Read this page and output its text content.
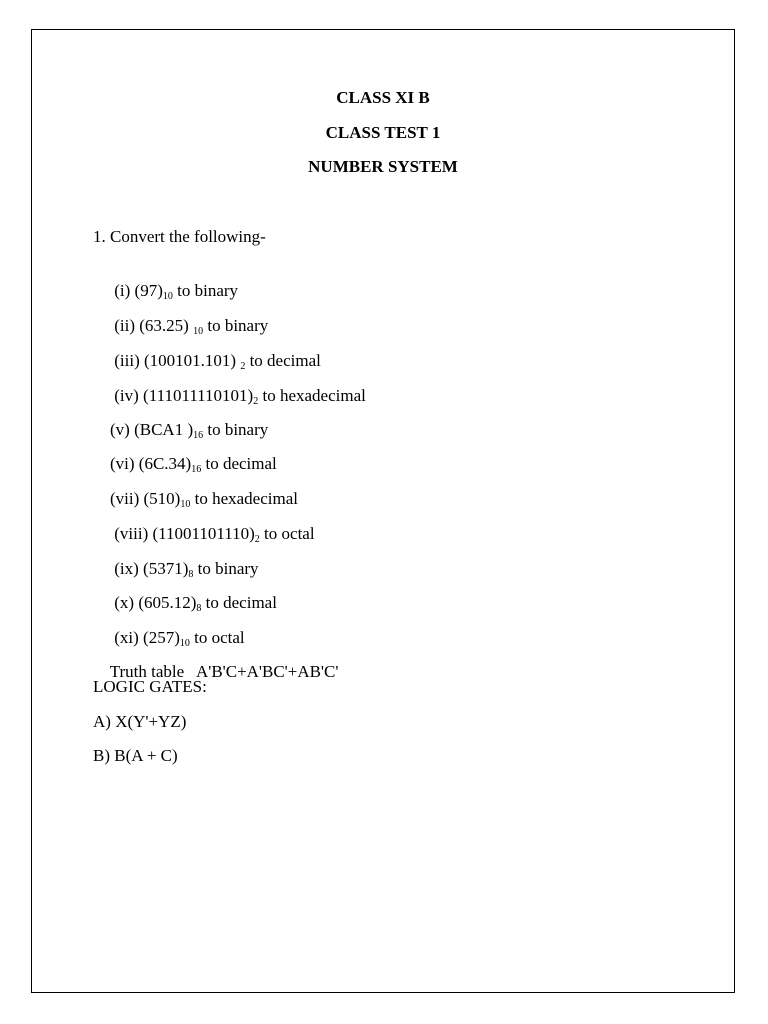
CLASS XI B
CLASS TEST 1
NUMBER SYSTEM
1. Convert the following-

(i) $(97)_{10}$ to binary

(ii) (63.25) $_{10}$ to binary

(iii) (100101.101) $_2$ to decimal

(iv) $(111011110101)_2$ to hexadecimal

(v) (BCA1 )$_{16}$ to binary

(vi) $(6C.34)_{16}$ to decimal

(vii) $(510)_{10}$ to hexadecimal

(viii) $(11001101110)_2$ to octal

(ix) $(5371)_8$ to binary

(x) $(605.12)_8$ to decimal

(xi) $(257)_{10}$ to octal

Truth table A'B'C+A'BC'+AB'C'

LOGIC GATES:
A) X(Y'+YZ)
B) B(A + C)
